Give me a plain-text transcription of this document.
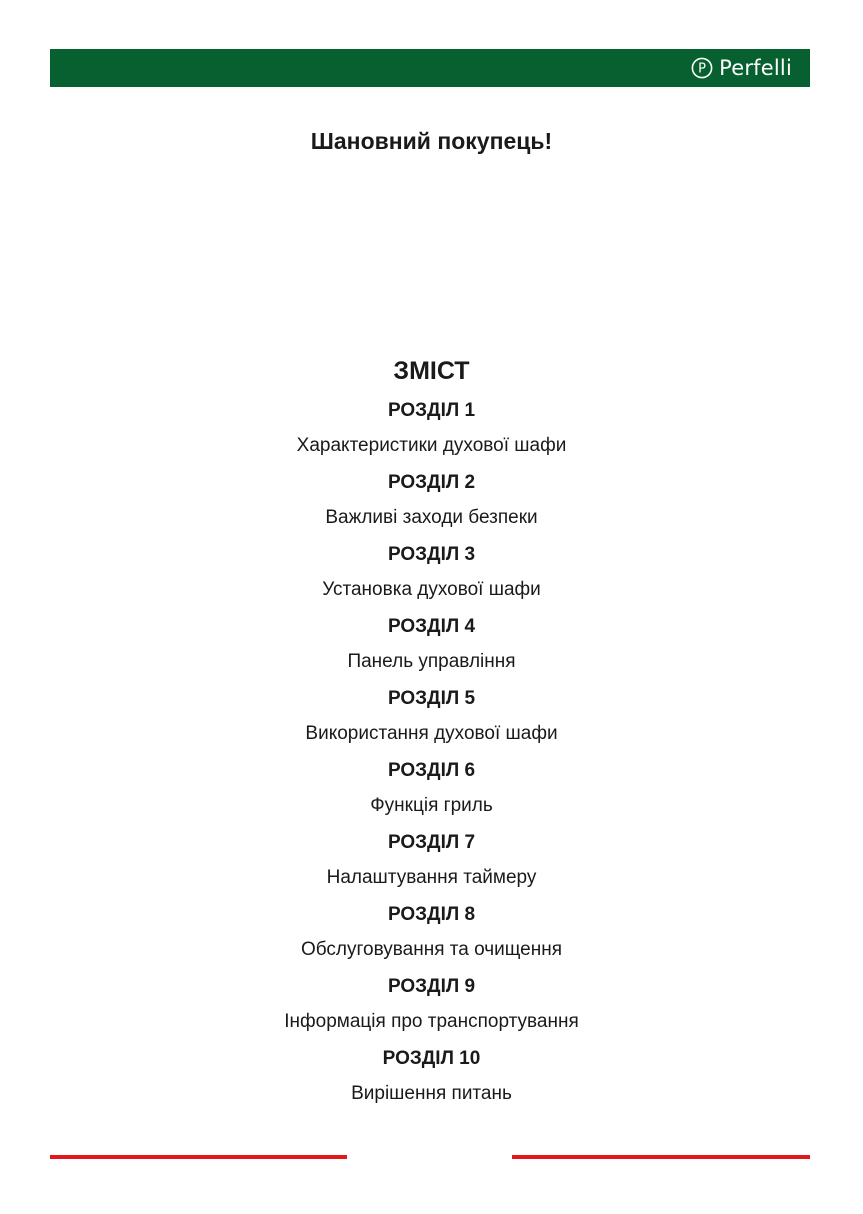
P Perfelli
Шановний покупець!
ЗМІСТ
РОЗДІЛ 1
Характеристики духової шафи
РОЗДІЛ 2
Важливі заходи безпеки
РОЗДІЛ 3
Установка духової шафи
РОЗДІЛ 4
Панель управління
РОЗДІЛ 5
Використання духової шафи
РОЗДІЛ 6
Функція гриль
РОЗДІЛ 7
Налаштування таймеру
РОЗДІЛ 8
Обслуговування та очищення
РОЗДІЛ 9
Інформація про транспортування
РОЗДІЛ 10
Вирішення питань
